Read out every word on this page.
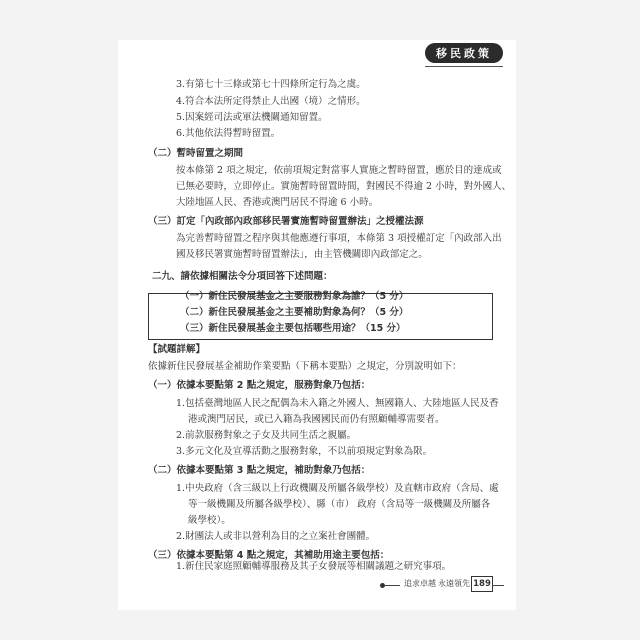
移民政策
3.有第七十三條或第七十四條所定行為之虞。
4.符合本法所定得禁止人出國（境）之情形。
5.因案經司法或軍法機關通知留置。
6.其他依法得暫時留置。
（二）暫時留置之期間
按本條第 2 項之規定，依前項規定對當事人實施之暫時留置，應於目的達成或
已無必要時，立即停止。實施暫時留置時間，對國民不得逾 2 小時，對外國人、
大陸地區人民、香港或澳門居民不得逾 6 小時。
（三）訂定「內政部內政部移民署實施暫時留置辦法」之授權法源
為完善暫時留置之程序與其他應遵行事項，本條第 3 項授權訂定「內政部入出
國及移民署實施暫時留置辦法」，由主管機關即內政部定之。
二九、請依據相關法令分項回答下述問題：
（一）新住民發展基金之主要服務對象為誰？（5 分）
（二）新住民發展基金之主要補助對象為何？（5 分）
（三）新住民發展基金主要包括哪些用途？（15 分）
【試題詳解】
依據新住民發展基金補助作業要點（下稱本要點）之規定，分別說明如下：
（一）依據本要點第 2 點之規定，服務對象乃包括：
1.包括臺灣地區人民之配偶為未入籍之外國人、無國籍人、大陸地區人民及香
港或澳門居民，或已入籍為我國國民而仍有照顧輔導需要者。
2.前款服務對象之子女及共同生活之親屬。
3.多元文化及宣導活動之服務對象，不以前項規定對象為限。
（二）依據本要點第 3 點之規定，補助對象乃包括：
1.中央政府（含三級以上行政機關及所屬各級學校）及直轄市政府（含局、處
等一級機關及所屬各級學校）、縣（市） 政府（含局等一級機關及所屬各
級學校）。
2.財團法人或非以營利為目的之立案社會團體。
（三）依據本要點第 4 點之規定，其補助用途主要包括：
1.新住民家庭照顧輔導服務及其子女發展等相關議題之研究事項。
追求卓越 永遠領先 189
